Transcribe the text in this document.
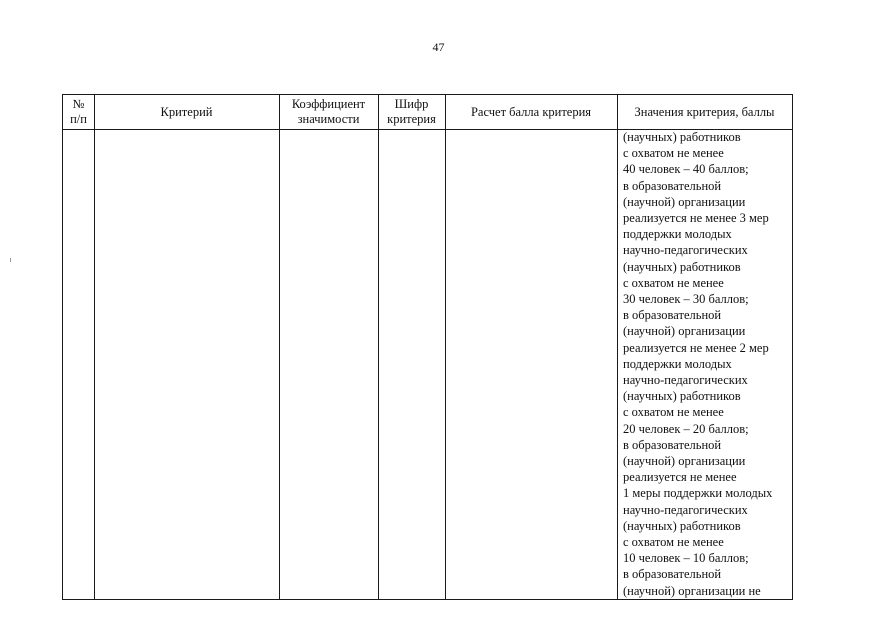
47
№
п/п
Критерий
Коэффициент
значимости
Шифр
критерия
Расчет балла критерия	Значения критерия, баллы
(научных) работников
с охватом не менее
40 человек – 40 баллов;
в образовательной
(научной) организации
реализуется не менее 3 мер
поддержки молодых
научно-педагогических
(научных) работников
с охватом не менее
30 человек – 30 баллов;
в образовательной
(научной) организации
реализуется не менее 2 мер
поддержки молодых
научно-педагогических
(научных) работников
с охватом не менее
20 человек – 20 баллов;
в образовательной
(научной) организации
реализуется не менее
1 меры поддержки молодых
научно-педагогических
(научных) работников
с охватом не менее
10 человек – 10 баллов;
в образовательной
(научной) организации не
